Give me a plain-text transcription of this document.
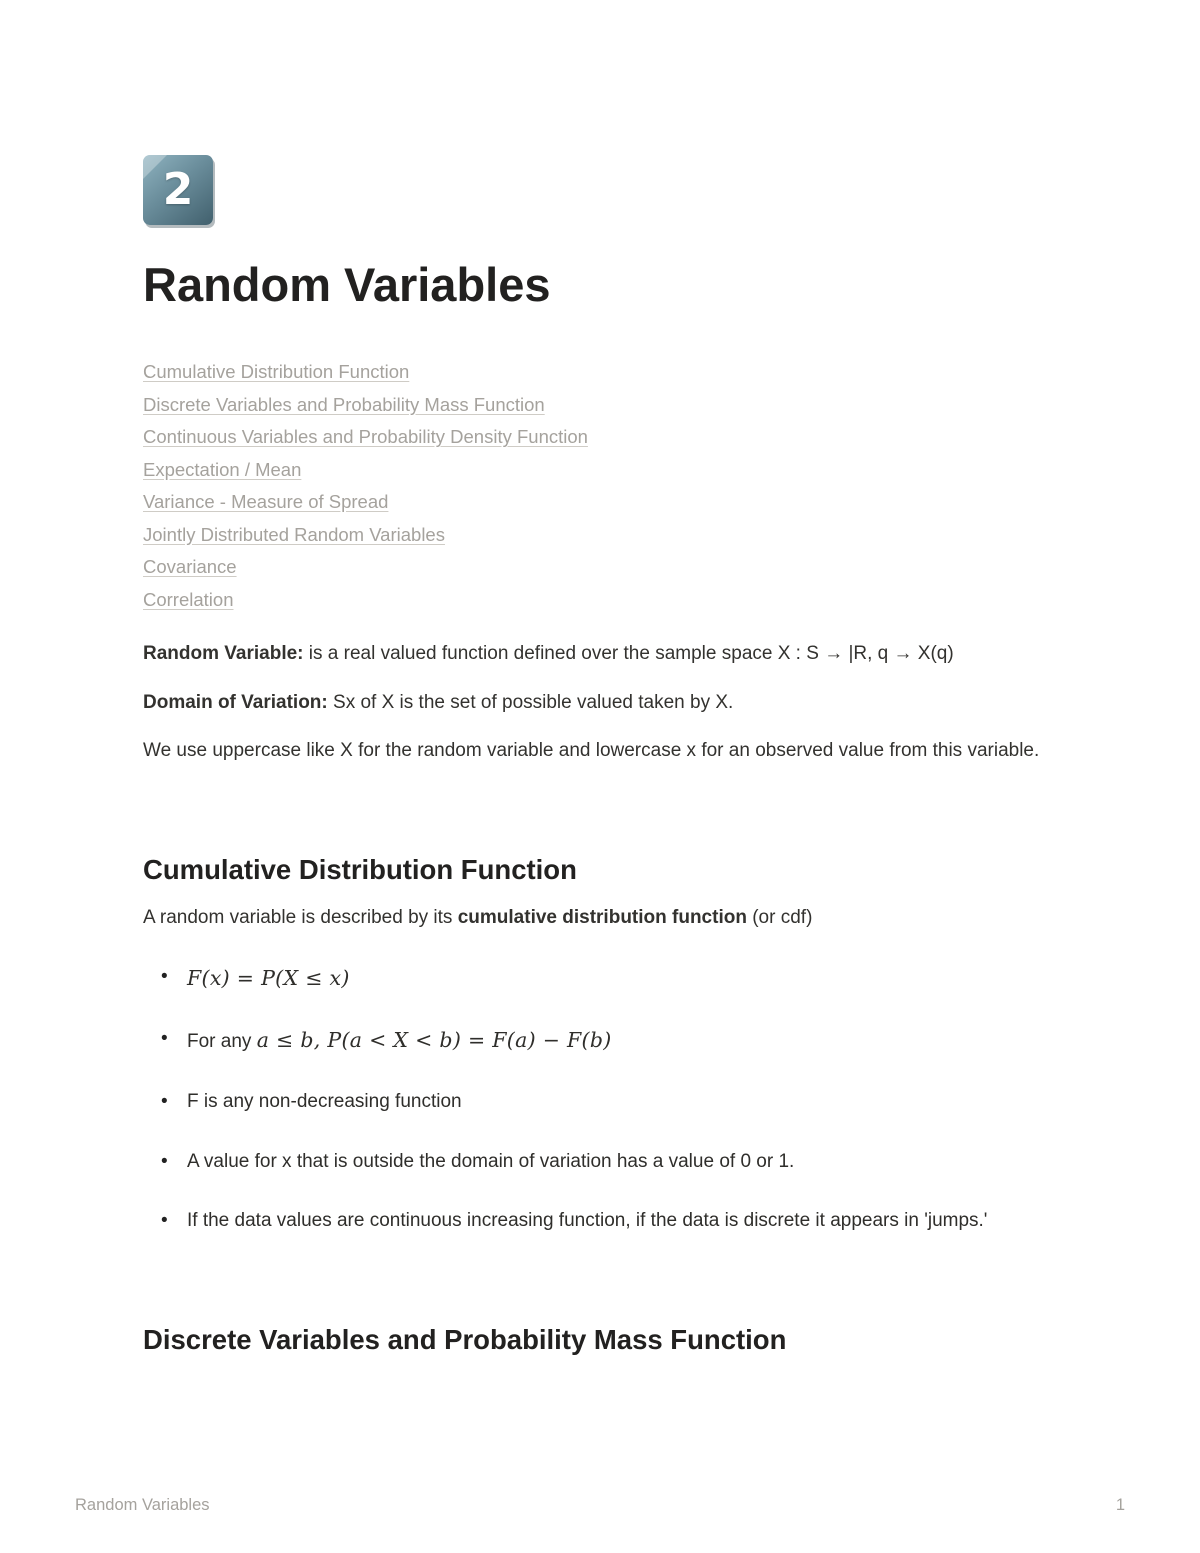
2
Random Variables
Cumulative Distribution Function
Discrete Variables and Probability Mass Function
Continuous Variables and Probability Density Function
Expectation / Mean
Variance - Measure of Spread
Jointly Distributed Random Variables
Covariance
Correlation

Random Variable: is a real valued function defined over the sample space X : S → |R, q → X(q)

Domain of Variation: Sx of X is the set of possible valued taken by X.

We use uppercase like X for the random variable and lowercase x for an observed value from this variable.

Cumulative Distribution Function

A random variable is described by its cumulative distribution function (or cdf)

• F(x) = P(X ≤ x)
• For any a ≤ b, P(a < X < b) = F(a) − F(b)
• F is any non-decreasing function
• A value for x that is outside the domain of variation has a value of 0 or 1.
• If the data values are continuous increasing function, if the data is discrete it appears in 'jumps.'
Discrete Variables and Probability Mass Function
Random Variables	1
